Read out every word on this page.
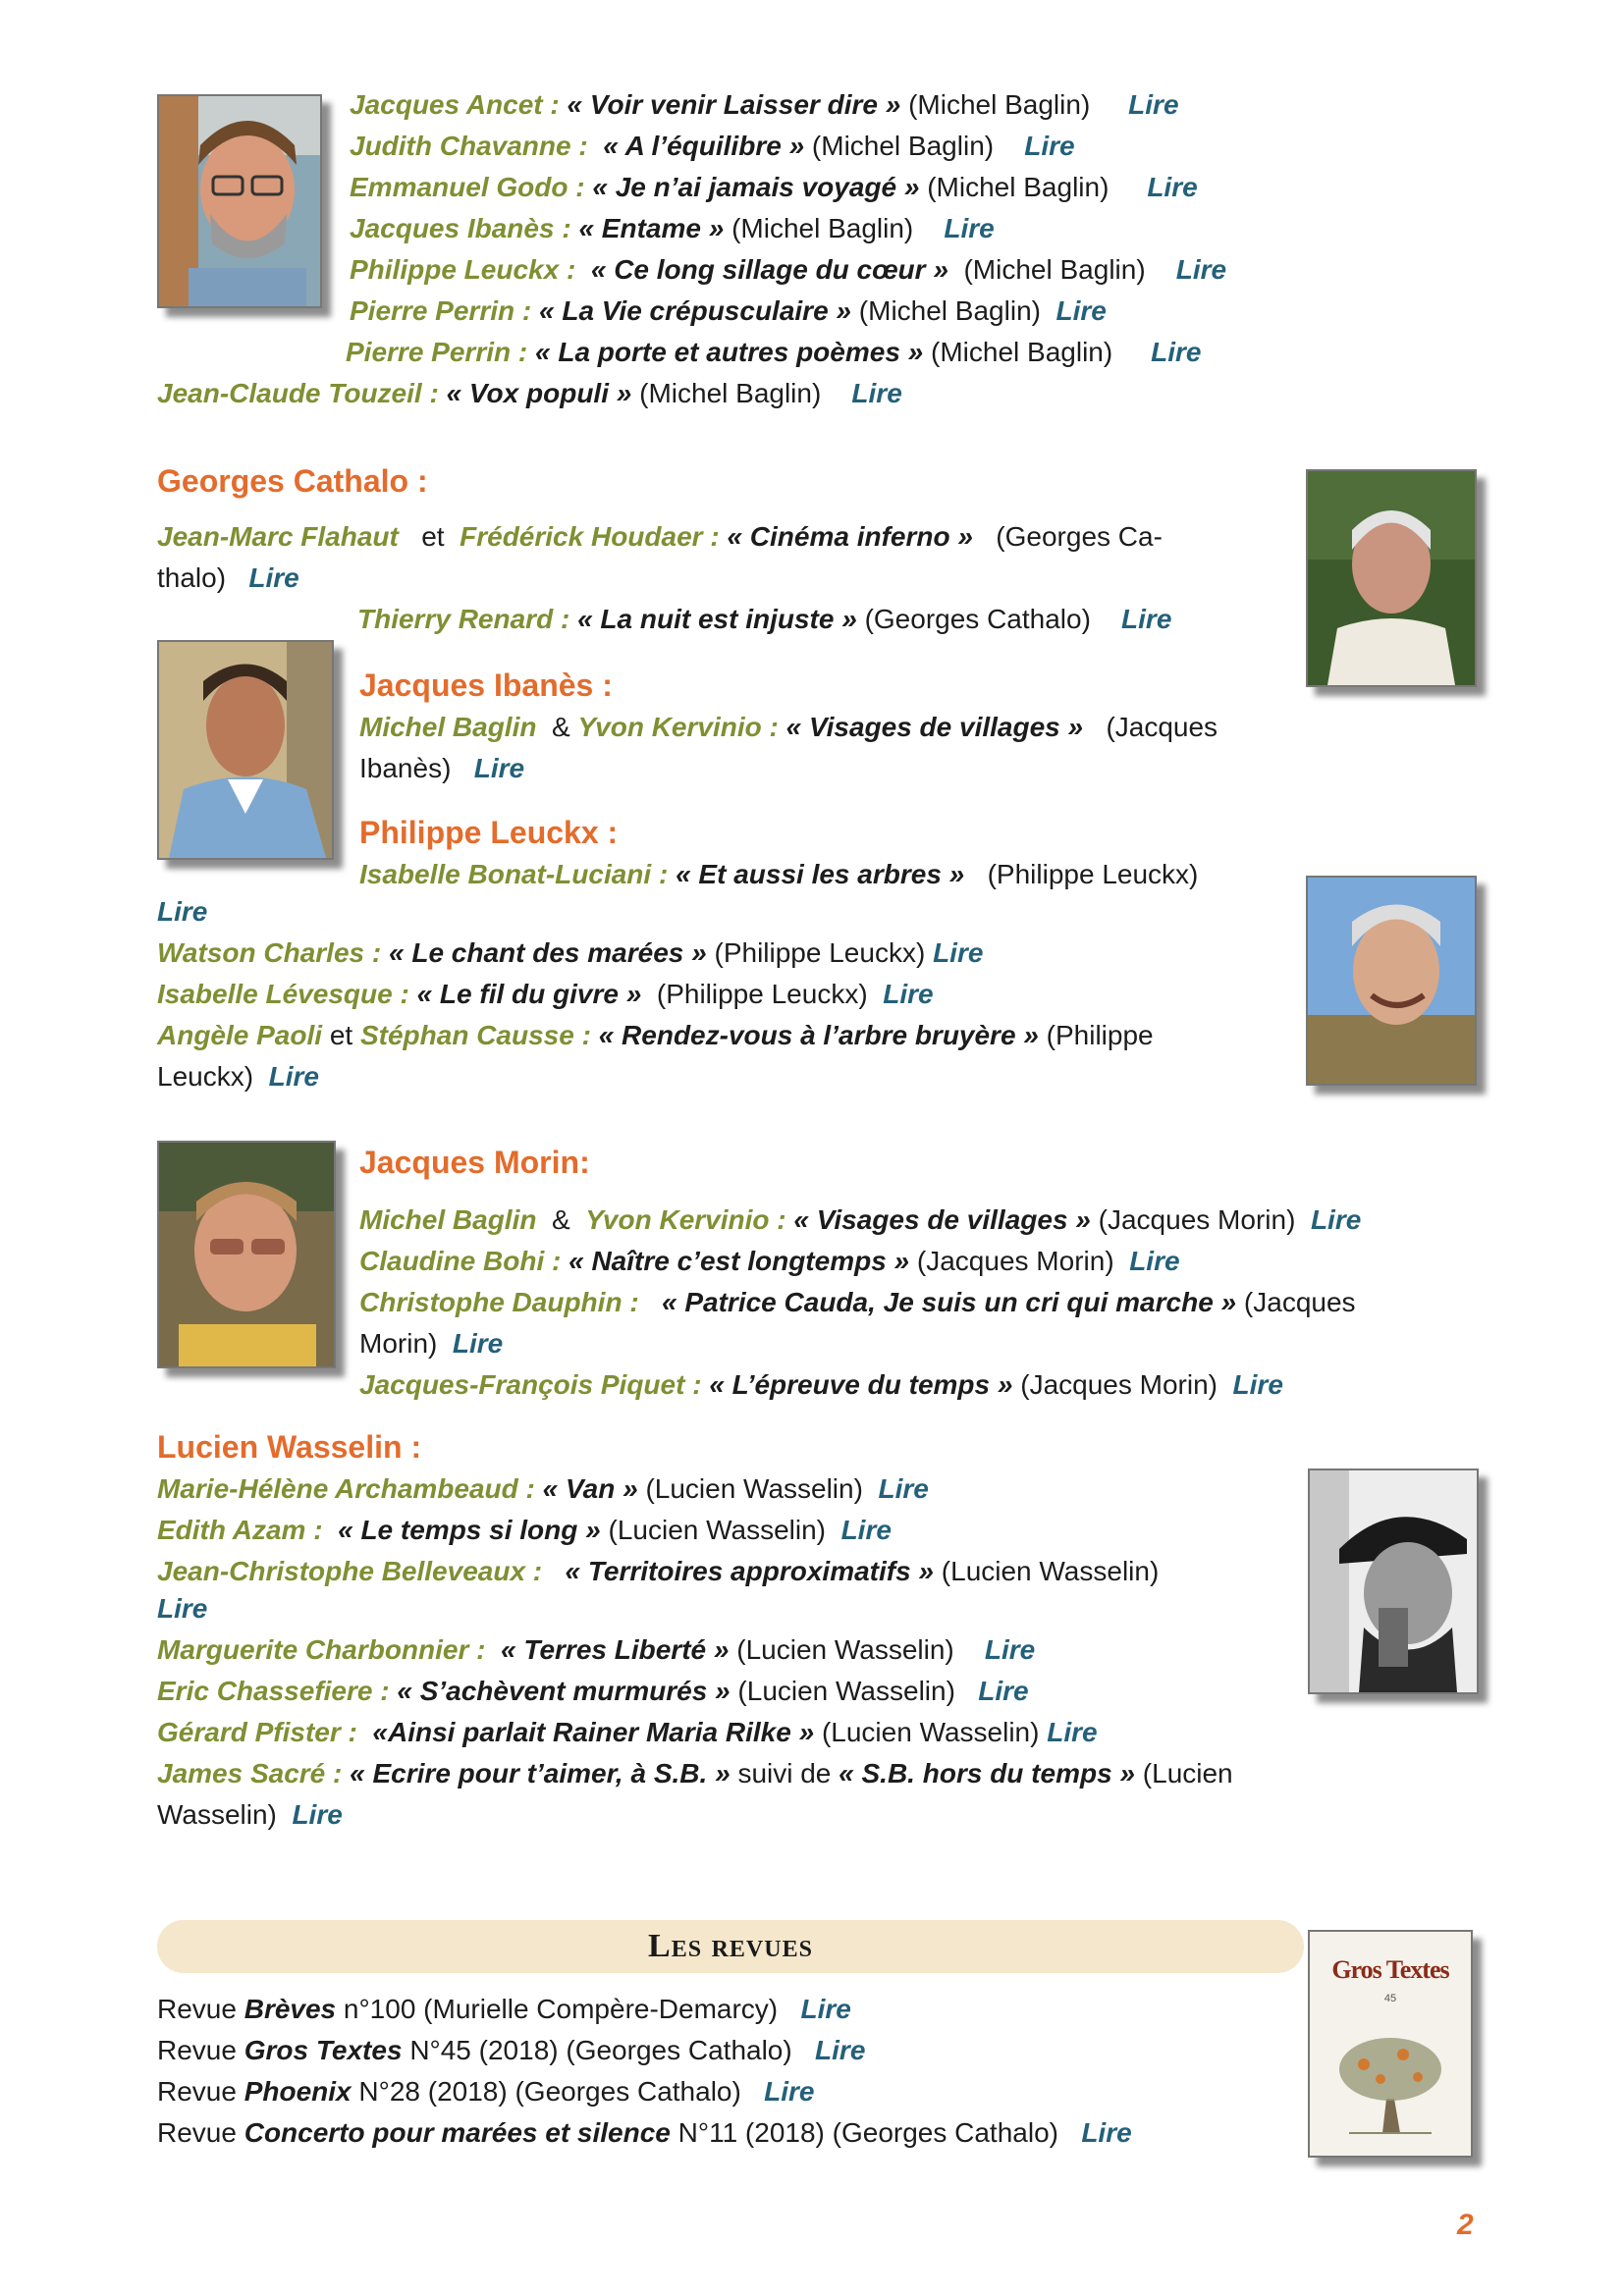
Gros Textes
45

Jacques Ancet : « Voir venir Laisser dire » (Michel Baglin) Lire

Judith Chavanne : « A l’équilibre » (Michel Baglin) Lire

Emmanuel Godo : « Je n’ai jamais voyagé » (Michel Baglin) Lire

Jacques Ibanès : « Entame » (Michel Baglin) Lire

Philippe Leuckx : « Ce long sillage du cœur » (Michel Baglin) Lire

Pierre Perrin : « La Vie crépusculaire » (Michel Baglin) Lire

Pierre Perrin : « La porte et autres poèmes » (Michel Baglin) Lire

Jean-Claude Touzeil : « Vox populi » (Michel Baglin) Lire

Georges Cathalo :

Jean-Marc Flahaut et Frédérick Houdaer : « Cinéma inferno » (Georges Ca-

thalo) Lire

Thierry Renard : « La nuit est injuste » (Georges Cathalo) Lire

Jacques Ibanès :

Michel Baglin & Yvon Kervinio : « Visages de villages » (Jacques

Ibanès) Lire

Philippe Leuckx :

Isabelle Bonat-Luciani : « Et aussi les arbres » (Philippe Leuckx)

Lire

Watson Charles : « Le chant des marées » (Philippe Leuckx) Lire

Isabelle Lévesque : « Le fil du givre » (Philippe Leuckx) Lire

Angèle Paoli et Stéphan Causse : « Rendez-vous à l’arbre bruyère » (Philippe

Leuckx) Lire

Jacques Morin:

Michel Baglin & Yvon Kervinio : « Visages de villages » (Jacques Morin) Lire

Claudine Bohi : « Naître c’est longtemps » (Jacques Morin) Lire

Christophe Dauphin : « Patrice Cauda, Je suis un cri qui marche » (Jacques

Morin) Lire

Jacques-François Piquet : « L’épreuve du temps » (Jacques Morin) Lire

Lucien Wasselin :

Marie-Hélène Archambeaud : « Van » (Lucien Wasselin) Lire

Edith Azam : « Le temps si long » (Lucien Wasselin) Lire

Jean-Christophe Belleveaux : « Territoires approximatifs » (Lucien Wasselin)

Lire

Marguerite Charbonnier : « Terres Liberté » (Lucien Wasselin) Lire

Eric Chassefiere : « S’achèvent murmurés » (Lucien Wasselin) Lire

Gérard Pfister : «Ainsi parlait Rainer Maria Rilke » (Lucien Wasselin) Lire

James Sacré : « Ecrire pour t’aimer, à S.B. » suivi de « S.B. hors du temps » (Lucien

Wasselin) Lire

Les revues

Revue Brèves n°100 (Murielle Compère-Demarcy) Lire

Revue Gros Textes N°45 (2018) (Georges Cathalo) Lire

Revue Phoenix N°28 (2018) (Georges Cathalo) Lire

Revue Concerto pour marées et silence N°11 (2018) (Georges Cathalo) Lire

2
